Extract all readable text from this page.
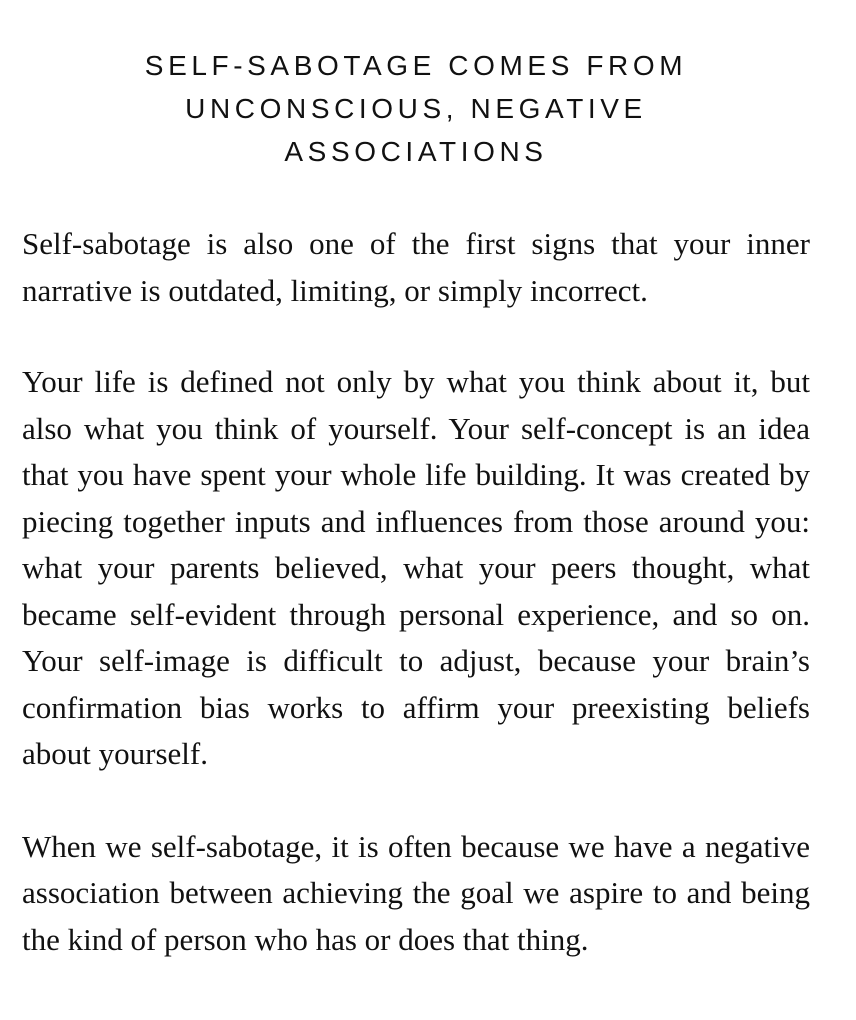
SELF-SABOTAGE COMES FROM
UNCONSCIOUS, NEGATIVE
ASSOCIATIONS

Self-sabotage is also one of the first signs that your inner narrative is outdated, limiting, or simply incorrect.

Your life is defined not only by what you think about it, but also what you think of yourself. Your self-concept is an idea that you have spent your whole life building. It was created by piecing together inputs and influences from those around you: what your parents believed, what your peers thought, what became self-evident through personal experience, and so on. Your self-image is difficult to adjust, because your brain’s confirmation bias works to affirm your preexisting beliefs about yourself.

When we self-sabotage, it is often because we have a negative association between achieving the goal we aspire to and being the kind of person who has or does that thing.
